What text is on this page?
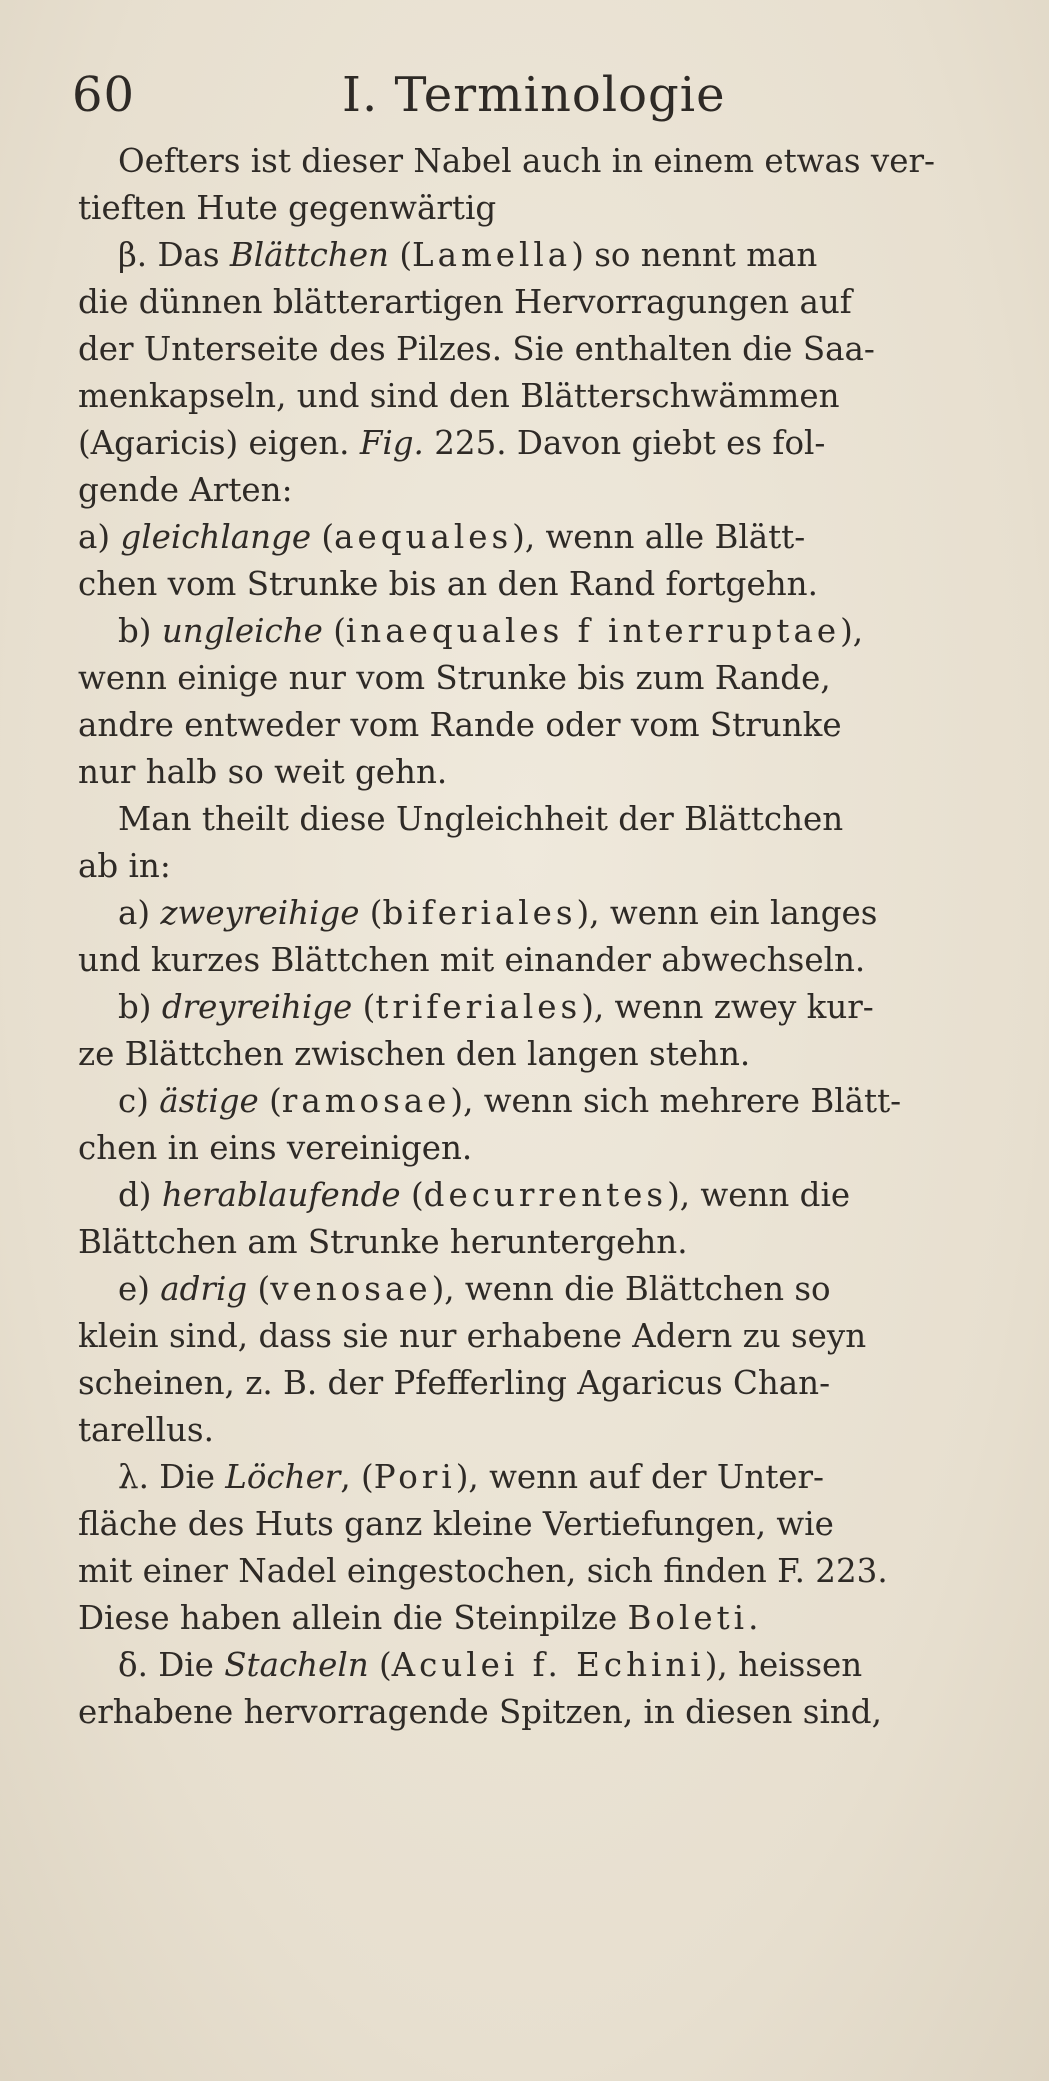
60	I. Terminologie
Oefters ist dieser Nabel auch in einem etwas ver-
tieften Hute gegenwärtig
β. Das Blättchen (Lamella) so nennt man
die dünnen blätterartigen Hervorragungen auf
der Unterseite des Pilzes. Sie enthalten die Saa-
menkapseln, und sind den Blätterschwämmen
(Agaricis) eigen. Fig. 225. Davon giebt es fol-
gende Arten:
a) gleichlange (aequales), wenn alle Blätt-
chen vom Strunke bis an den Rand fortgehn.
b) ungleiche (inaequales f interruptae),
wenn einige nur vom Strunke bis zum Rande,
andre entweder vom Rande oder vom Strunke
nur halb so weit gehn.
Man theilt diese Ungleichheit der Blättchen
ab in:
a) zweyreihige (biferiales), wenn ein langes
und kurzes Blättchen mit einander abwechseln.
b) dreyreihige (triferiales), wenn zwey kur-
ze Blättchen zwischen den langen stehn.
c) ästige (ramosae), wenn sich mehrere Blätt-
chen in eins vereinigen.
d) herablaufende (decurrentes), wenn die
Blättchen am Strunke heruntergehn.
e) adrig (venosae), wenn die Blättchen so
klein sind, dass sie nur erhabene Adern zu seyn
scheinen, z. B. der Pfefferling Agaricus Chan-
tarellus.
λ. Die Löcher, (Pori), wenn auf der Unter-
fläche des Huts ganz kleine Vertiefungen, wie
mit einer Nadel eingestochen, sich finden F. 223.
Diese haben allein die Steinpilze Boleti.
δ. Die Stacheln (Aculei f. Echini), heissen
erhabene hervorragende Spitzen, in diesen sind,
